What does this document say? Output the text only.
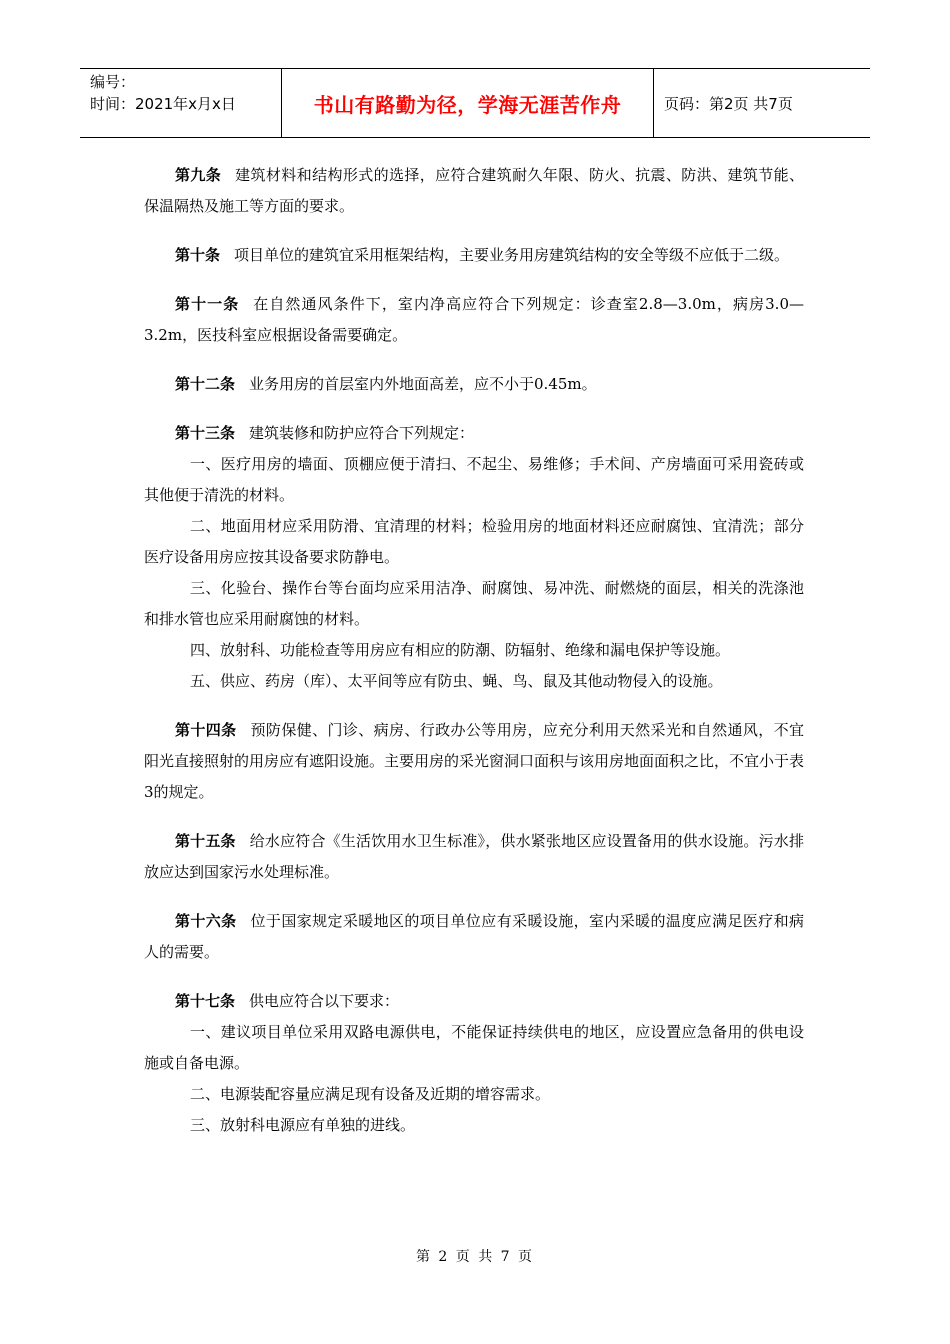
编号：
时间：2021年x月x日	书山有路勤为径，学海无涯苦作舟	页码：第2页 共7页

第九条 建筑材料和结构形式的选择，应符合建筑耐久年限、防火、抗震、防洪、建筑节能、保温隔热及施工等方面的要求。

第十条 项目单位的建筑宜采用框架结构，主要业务用房建筑结构的安全等级不应低于二级。

第十一条 在自然通风条件下，室内净高应符合下列规定：诊查室2.8—3.0m，病房3.0—3.2m，医技科室应根据设备需要确定。

第十二条 业务用房的首层室内外地面高差，应不小于0.45m。

第十三条 建筑装修和防护应符合下列规定：

一、医疗用房的墙面、顶棚应便于清扫、不起尘、易维修；手术间、产房墙面可采用瓷砖或其他便于清洗的材料。

二、地面用材应采用防滑、宜清理的材料；检验用房的地面材料还应耐腐蚀、宜清洗；部分医疗设备用房应按其设备要求防静电。

三、化验台、操作台等台面均应采用洁净、耐腐蚀、易冲洗、耐燃烧的面层，相关的洗涤池和排水管也应采用耐腐蚀的材料。

四、放射科、功能检查等用房应有相应的防潮、防辐射、绝缘和漏电保护等设施。

五、供应、药房（库）、太平间等应有防虫、蝇、鸟、鼠及其他动物侵入的设施。

第十四条 预防保健、门诊、病房、行政办公等用房，应充分利用天然采光和自然通风，不宜阳光直接照射的用房应有遮阳设施。主要用房的采光窗洞口面积与该用房地面面积之比，不宜小于表3的规定。

第十五条 给水应符合《生活饮用水卫生标准》，供水紧张地区应设置备用的供水设施。污水排放应达到国家污水处理标准。

第十六条 位于国家规定采暖地区的项目单位应有采暖设施，室内采暖的温度应满足医疗和病人的需要。

第十七条 供电应符合以下要求：

一、建议项目单位采用双路电源供电，不能保证持续供电的地区，应设置应急备用的供电设施或自备电源。

二、电源装配容量应满足现有设备及近期的增容需求。

三、放射科电源应有单独的进线。

第 2 页 共 7 页
